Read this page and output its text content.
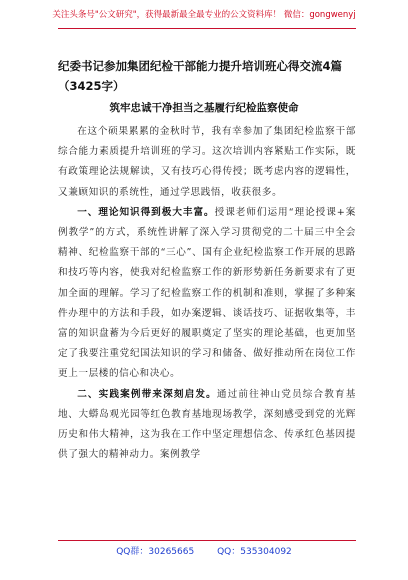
关注头条号"公文研究"，获得最新最全最专业的公文资料库！ 微信：gongwenyj
纪委书记参加集团纪检干部能力提升培训班心得交流4篇（3425字）
筑牢忠诚干净担当之基履行纪检监察使命

在这个硕果累累的金秋时节，我有幸参加了集团纪检监察干部综合能力素质提升培训班的学习。这次培训内容紧贴工作实际，既有政策理论法规解读，又有技巧心得传授；既考虑内容的逻辑性，又兼顾知识的系统性，通过学思践悟，收获很多。

一、理论知识得到极大丰富。授课老师们运用“理论授课+案例教学”的方式，系统性讲解了深入学习贯彻党的二十届三中全会精神、纪检监察干部的“三心”、国有企业纪检监察工作开展的思路和技巧等内容，使我对纪检监察工作的新形势新任务新要求有了更加全面的理解。学习了纪检监察工作的机制和准则，掌握了多种案件办理中的方法和手段，如办案逻辑、谈话技巧、证据收集等，丰富的知识盘蓄为今后更好的履职奠定了坚实的理论基础，也更加坚定了我要注重党纪国法知识的学习和储备、做好推动所在岗位工作更上一层楼的信心和决心。

二、实践案例带来深刻启发。通过前往神山党员综合教育基地、大蟒岛观光园等红色教育基地现场教学，深刻感受到党的光辉历史和伟大精神，这为我在工作中坚定理想信念、传承红色基因提供了强大的精神动力。案例教学

QQ群：30265665	QQ：535304092
